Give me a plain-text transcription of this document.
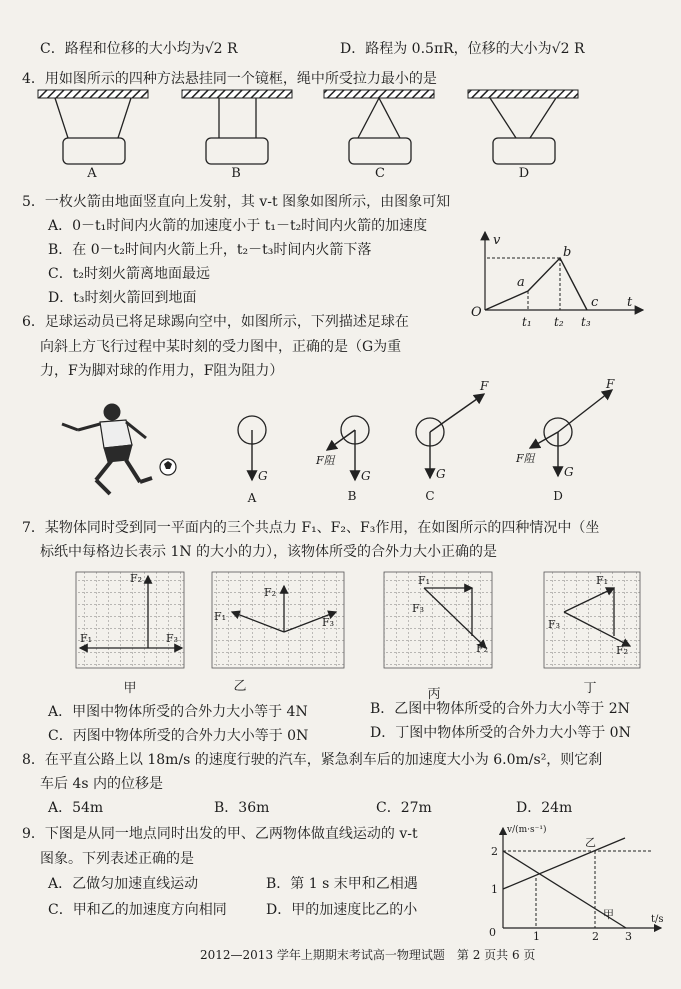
C．路程和位移的大小均为√2 R	D．路程为 0.5πR，位移的大小为√2 R
4．用如图所示的四种方法悬挂同一个镜框，绳中所受拉力最小的是
A	B	C	D
5．一枚火箭由地面竖直向上发射，其 v-t 图象如图所示，由图象可知
A．0－t₁时间内火箭的加速度小于 t₁－t₂时间内火箭的加速度
B．在 0－t₂时间内火箭上升，t₂－t₃时间内火箭下落
C．t₂时刻火箭离地面最远
D．t₃时刻火箭回到地面
v
t
O
a
b
c
t₁ t₂ t₃
6．足球运动员已将足球踢向空中，如图所示，下列描述足球在
向斜上方飞行过程中某时刻的受力图中，正确的是（G为重
力，F为脚对球的作用力，F阻为阻力）
G	G
F阻
G
F
G
F
F阻
A	B	C	D
7．某物体同时受到同一平面内的三个共点力 F₁、F₂、F₃作用，在如图所示的四种情况中（坐
标纸中每格边长表示 1N 的大小的力），该物体所受的合外力大小正确的是
F₂
F₁	F₃
F₂
F₁	F₃
F₁
F₃
F₂
F₁
F₃
F₂
甲	乙
丙	丁
A．甲图中物体所受的合外力大小等于 4N	B．乙图中物体所受的合外力大小等于 2N
C．丙图中物体所受的合外力大小等于 0N	D．丁图中物体所受的合外力大小等于 0N
8．在平直公路上以 18m/s 的速度行驶的汽车，紧急刹车后的加速度大小为 6.0m/s²，则它刹
车后 4s 内的位移是
A．54m	B．36m	C．27m	D．24m
9．下图是从同一地点同时出发的甲、乙两物体做直线运动的 v-t
图象。下列表述正确的是
A．乙做匀加速直线运动	B．第 1 s 末甲和乙相遇
C．甲和乙的加速度方向相同	D．甲的加速度比乙的小
v/(m·s⁻¹)
t/s
0
2
1
1	2 3
甲
乙
2012—2013 学年上期期末考试高一物理试题　第 2 页共 6 页
